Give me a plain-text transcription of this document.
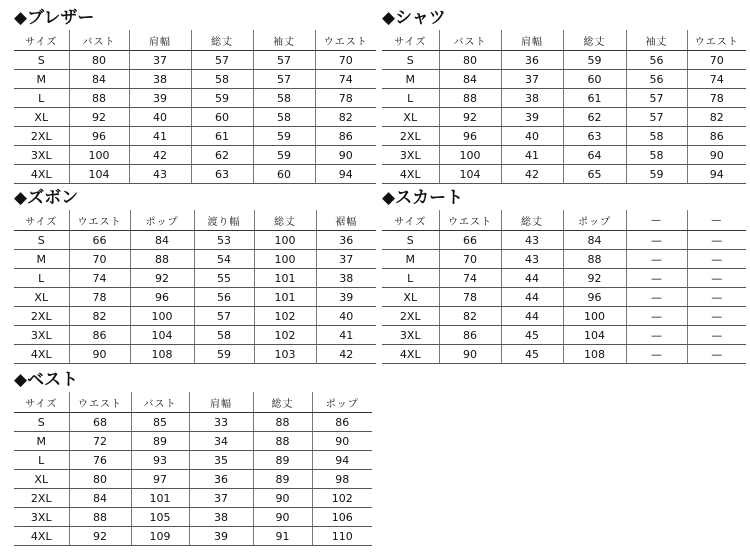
◆ブレザー
サイズ	バスト	肩幅	総丈	袖丈	ウエスト
S	80	37	57	57	70
M	84	38	58	57	74
L	88	39	59	58	78
XL	92	40	60	58	82
2XL	96	41	61	59	86
3XL	100	42	62	59	90
4XL	104	43	63	60	94
◆シャツ
サイズ	バスト	肩幅	総丈	袖丈	ウエスト
S	80	36	59	56	70
M	84	37	60	56	74
L	88	38	61	57	78
XL	92	39	62	57	82
2XL	96	40	63	58	86
3XL	100	41	64	58	90
4XL	104	42	65	59	94
◆ズボン
サイズ	ウエスト	ポップ	渡り幅	総丈	裾幅
S	66	84	53	100	36
M	70	88	54	100	37
L	74	92	55	101	38
XL	78	96	56	101	39
2XL	82	100	57	102	40
3XL	86	104	58	102	41
4XL	90	108	59	103	42
◆スカート
サイズ	ウエスト	総丈	ポップ	—	—
S	66	43	84	—	—
M	70	43	88	—	—
L	74	44	92	—	—
XL	78	44	96	—	—
2XL	82	44	100	—	—
3XL	86	45	104	—	—
4XL	90	45	108	—	—
◆ベスト
サイズ	ウエスト	バスト	肩幅	総丈	ポップ
S	68	85	33	88	86
M	72	89	34	88	90
L	76	93	35	89	94
XL	80	97	36	89	98
2XL	84	101	37	90	102
3XL	88	105	38	90	106
4XL	92	109	39	91	110
